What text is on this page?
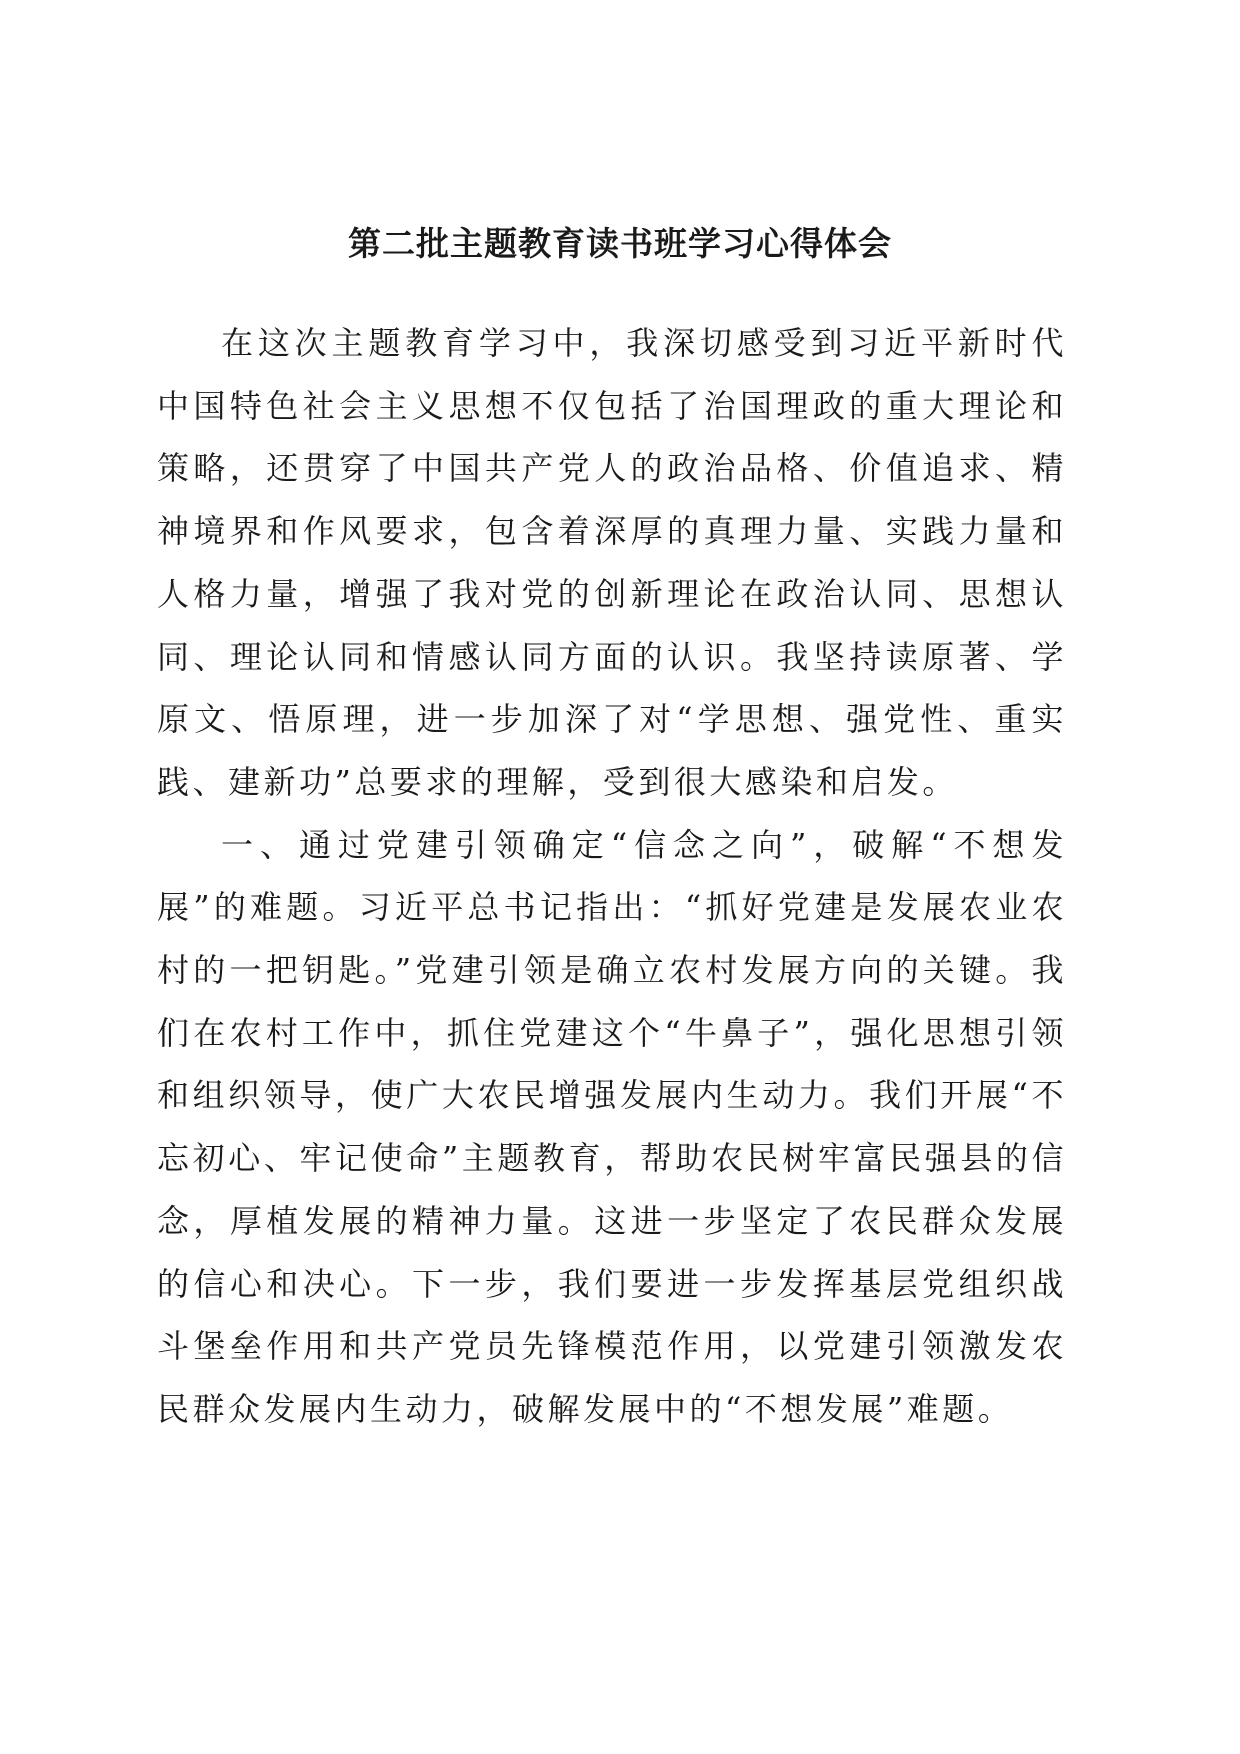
第二批主题教育读书班学习心得体会

在这次主题教育学习中，我深切感受到习近平新时代中国特色社会主义思想不仅包括了治国理政的重大理论和策略，还贯穿了中国共产党人的政治品格、价值追求、精神境界和作风要求，包含着深厚的真理力量、实践力量和人格力量，增强了我对党的创新理论在政治认同、思想认同、理论认同和情感认同方面的认识。我坚持读原著、学原文、悟原理，进一步加深了对“学思想、强党性、重实践、建新功”总要求的理解，受到很大感染和启发。

一、通过党建引领确定“信念之向”，破解“不想发展”的难题。习近平总书记指出：“抓好党建是发展农业农村的一把钥匙。”党建引领是确立农村发展方向的关键。我们在农村工作中，抓住党建这个“牛鼻子”，强化思想引领和组织领导，使广大农民增强发展内生动力。我们开展“不忘初心、牢记使命”主题教育，帮助农民树牢富民强县的信念，厚植发展的精神力量。这进一步坚定了农民群众发展的信心和决心。下一步，我们要进一步发挥基层党组织战斗堡垒作用和共产党员先锋模范作用，以党建引领激发农民群众发展内生动力，破解发展中的“不想发展”难题。
